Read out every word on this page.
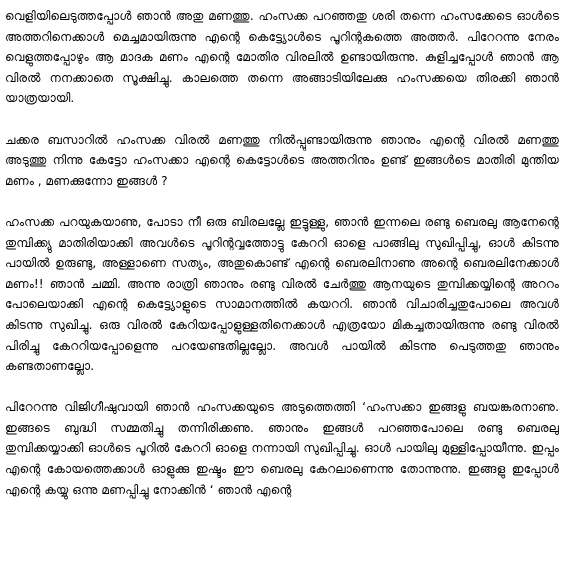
വെളിയിലെടുത്തപ്പോൾ ഞാൻ അതു മണത്തു. ഹംസക്ക പറഞ്ഞതു ശരി തന്നെ ഹംസക്കേടെ ഓൾടെ അത്തറിനെക്കാൾ മെച്ചമായിരുന്നു എന്റെ കെട്ട്യോൾടെ പൂറിന്റകത്തെ അത്തർ. പിറേറന്നു നേരം വെളുത്തപ്പോഴും ആ മാദക മണം എന്റെ മോതിര വിരലിൽ ഉണ്ടായിരുന്നു. കുളിച്ചപ്പോൾ ഞാൻ ആ വിരൽ നനക്കാതെ സൂക്ഷിച്ചു. കാലത്തെ തന്നെ അങ്ങാടിയിലേക്കു ഹംസക്കയെ തിരക്കി ഞാൻ യാത്രയായി.

ചക്കര ബസാറിൽ ഹംസക്ക വിരൽ മണത്തു നിൽപ്പുണ്ടായിരുന്നു ഞാനും എന്റെ വിരൽ മണത്തു അടുത്തു നിന്നു കേട്ടോ ഹംസക്കാ എന്റെ കെട്ടോൾടെ അത്തറിനും ഉണ്ട് ഇങ്ങൾടെ മാതിരി മുന്തിയ മണം , മണക്കുന്നോ ഇങ്ങൾ ?

ഹംസക്ക പറയുകയാണു, പോടാ നീ ഒരു ബിരലല്ലേ ഇട്ടുള്ളു, ഞാൻ ഇന്നലെ രണ്ടു ബെരലു ആനേന്റെ തുമ്പിക്ക്യു മാതിരിയാക്കി അവൾടെ പൂറിന്റവ്വത്തോട്ടു കേററി ഓളെ പാങ്ങിലു സുഖിപ്പിച്ചു, ഓൾ കിടന്നു പായിൽ ഉരുണ്ടു, അള്ളാണെ സത്യം, അതുകൊണ്ട് എന്റെ ബെരലിനാണു അന്റെ ബെരലിനേക്കാൾ മണം!! ഞാൻ ചമ്മി. അന്നു രാത്രി ഞാനും രണ്ടു വിരൽ ചേർത്തു ആനയുടെ തുമ്പിക്കയ്യിന്റെ അററം പോലെയാക്കി എന്റെ കെട്ട്യോളുടെ സാമാനത്തിൽ കയററി. ഞാൻ വിചാരിച്ചതുപോലെ അവൾ കിടന്നു സുഖിച്ചു. ഒരു വിരൽ കേറിയപ്പോളുള്ളതിനെക്കാൾ എത്രയോ മികച്ചതായിരുന്നു രണ്ടു വിരൽ പിരിച്ചു കേററിയപ്പോളെന്നു പറയേണ്ടതില്ലല്ലോ. അവൾ പായിൽ കിടന്നു പെടുത്തതു ഞാനും കണ്ടതാണല്ലോ.

പിറേറന്നു വിജിഗീഷുവായി ഞാൻ ഹംസക്കയുടെ അടുത്തെത്തി ‘ഹംസക്കാ ഇങ്ങളു ബയങ്കരനാണു. ഇങ്ങടെ ബുദ്ധി സമ്മതിച്ചു തന്നിരിക്കണു. ഞാനും ഇങ്ങൾ പറഞ്ഞപോലെ രണ്ടു ബെരലു തുമ്പിക്കയ്യാക്കി ഓൾടെ പൂറിൽ കേററി ഓളെ നന്നായി സുഖിപ്പിച്ചു. ഓൾ പായിലു മുള്ളിപ്പോയീന്നു. ഇപ്പം എന്റെ കോയത്തെക്കാൾ ഓളുക്കു ഇഷ്ടം ഈ ബെരലു കേറലാണെന്നു തോന്നുന്നു. ഇങ്ങളു ഇപ്പോൾ എന്റെ കയ്യു ഒന്നു മണപ്പിച്ചു നോക്കിൻ ‘ ഞാൻ എന്റെ
